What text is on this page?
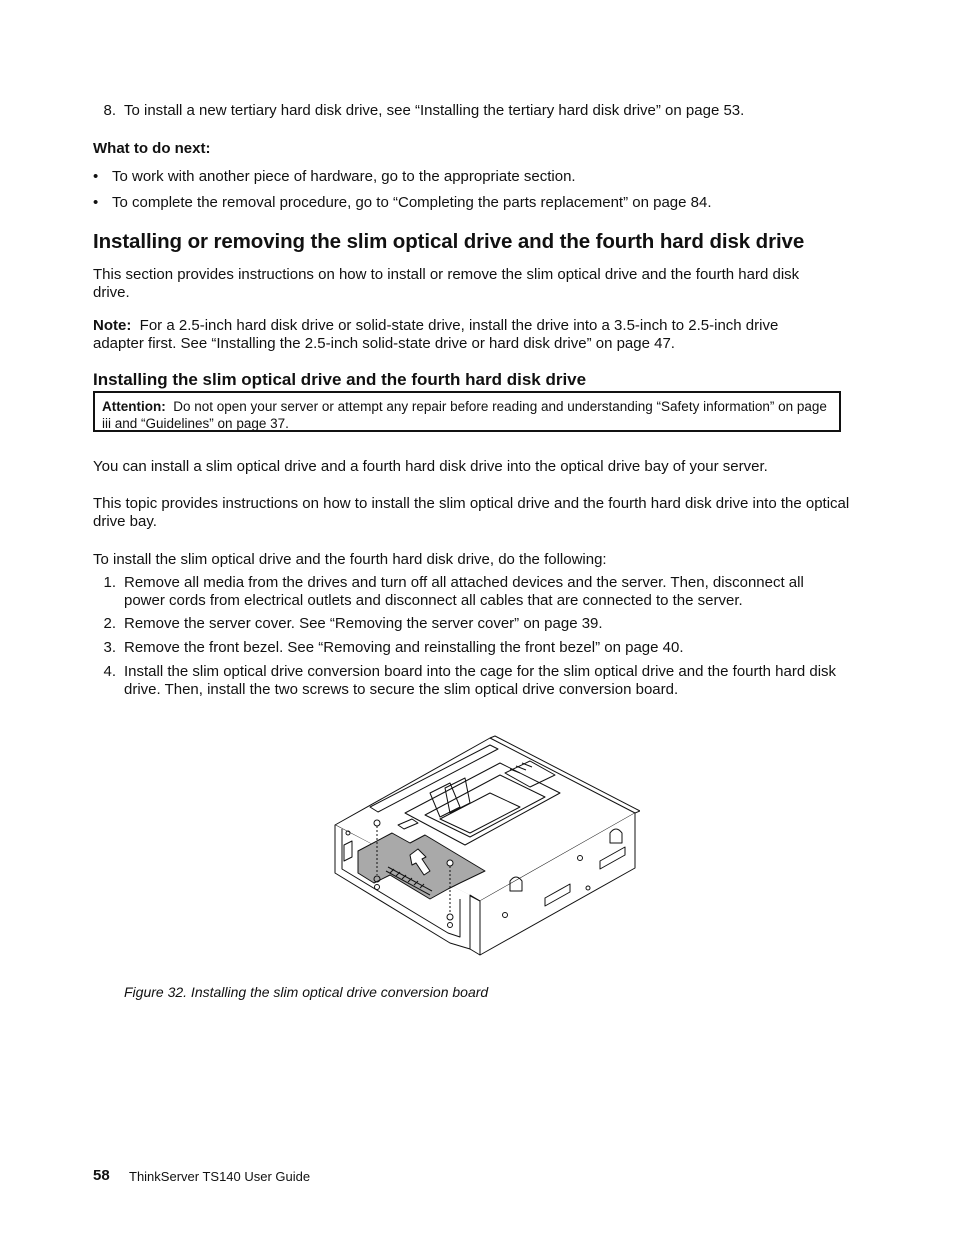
8. To install a new tertiary hard disk drive, see “Installing the tertiary hard disk drive” on page 53.
What to do next:
• To work with another piece of hardware, go to the appropriate section.
• To complete the removal procedure, go to “Completing the parts replacement” on page 84.
Installing or removing the slim optical drive and the fourth hard disk drive
This section provides instructions on how to install or remove the slim optical drive and the fourth hard disk drive.
Note: For a 2.5-inch hard disk drive or solid-state drive, install the drive into a 3.5-inch to 2.5-inch drive adapter first. See “Installing the 2.5-inch solid-state drive or hard disk drive” on page 47.
Installing the slim optical drive and the fourth hard disk drive
Attention: Do not open your server or attempt any repair before reading and understanding “Safety information” on page iii and “Guidelines” on page 37.
You can install a slim optical drive and a fourth hard disk drive into the optical drive bay of your server.
This topic provides instructions on how to install the slim optical drive and the fourth hard disk drive into the optical drive bay.
To install the slim optical drive and the fourth hard disk drive, do the following:
1. Remove all media from the drives and turn off all attached devices and the server. Then, disconnect all power cords from electrical outlets and disconnect all cables that are connected to the server.
2. Remove the server cover. See “Removing the server cover” on page 39.
3. Remove the front bezel. See “Removing and reinstalling the front bezel” on page 40.
4. Install the slim optical drive conversion board into the cage for the slim optical drive and the fourth hard disk drive. Then, install the two screws to secure the slim optical drive conversion board.
Figure 32. Installing the slim optical drive conversion board
58 ThinkServer TS140 User Guide
